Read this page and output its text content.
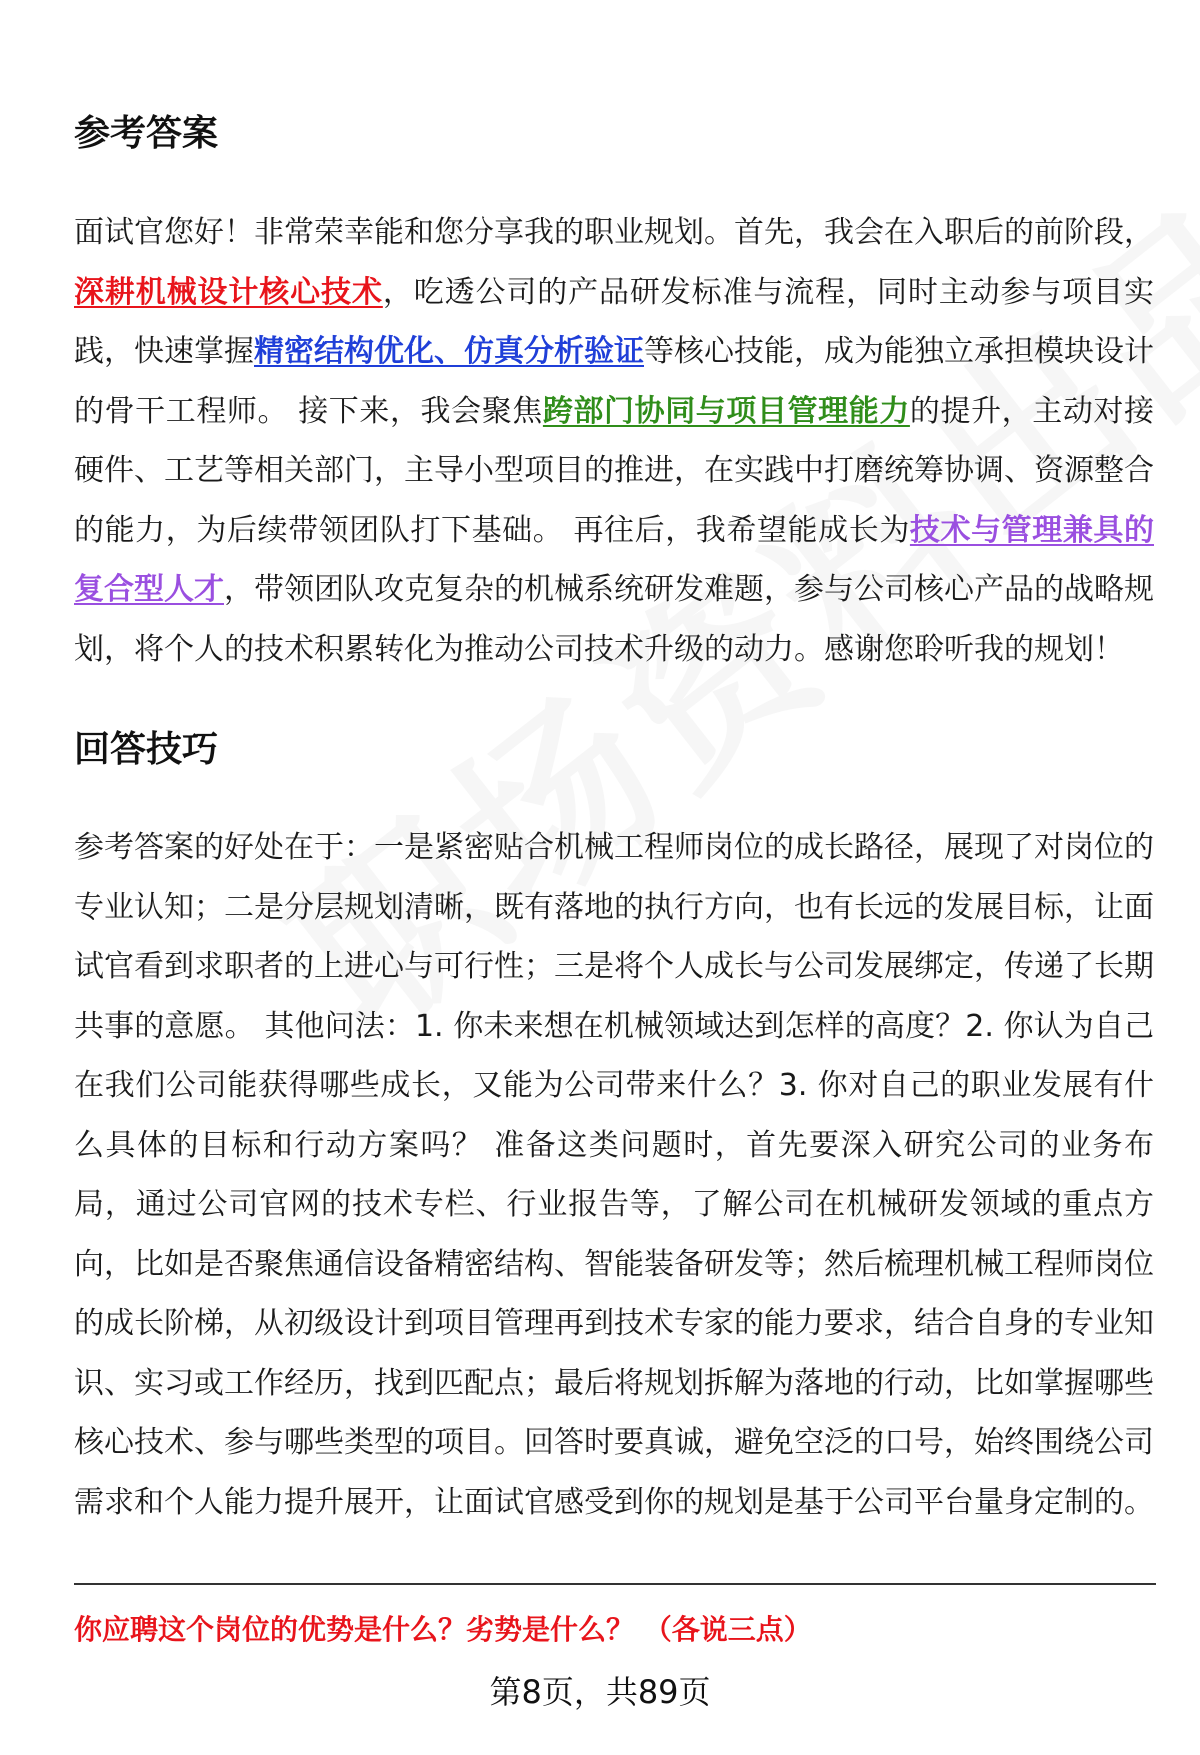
参考答案

面试官您好！非常荣幸能和您分享我的职业规划。首先，我会在入职后的前阶段，深耕机械设计核心技术，吃透公司的产品研发标准与流程，同时主动参与项目实践，快速掌握精密结构优化、仿真分析验证等核心技能，成为能独立承担模块设计的骨干工程师。 接下来，我会聚焦跨部门协同与项目管理能力的提升，主动对接硬件、工艺等相关部门，主导小型项目的推进，在实践中打磨统筹协调、资源整合的能力，为后续带领团队打下基础。 再往后，我希望能成长为技术与管理兼具的复合型人才，带领团队攻克复杂的机械系统研发难题，参与公司核心产品的战略规划，将个人的技术积累转化为推动公司技术升级的动力。感谢您聆听我的规划！

回答技巧

参考答案的好处在于：一是紧密贴合机械工程师岗位的成长路径，展现了对岗位的专业认知；二是分层规划清晰，既有落地的执行方向，也有长远的发展目标，让面试官看到求职者的上进心与可行性；三是将个人成长与公司发展绑定，传递了长期共事的意愿。 其他问法：1. 你未来想在机械领域达到怎样的高度？2. 你认为自己在我们公司能获得哪些成长，又能为公司带来什么？3. 你对自己的职业发展有什么具体的目标和行动方案吗？ 准备这类问题时，首先要深入研究公司的业务布局，通过公司官网的技术专栏、行业报告等，了解公司在机械研发领域的重点方向，比如是否聚焦通信设备精密结构、智能装备研发等；然后梳理机械工程师岗位的成长阶梯，从初级设计到项目管理再到技术专家的能力要求，结合自身的专业知识、实习或工作经历，找到匹配点；最后将规划拆解为落地的行动，比如掌握哪些核心技术、参与哪些类型的项目。回答时要真诚，避免空泛的口号，始终围绕公司需求和个人能力提升展开，让面试官感受到你的规划是基于公司平台量身定制的。

你应聘这个岗位的优势是什么？劣势是什么？ （各说三点）

第8页，共89页
